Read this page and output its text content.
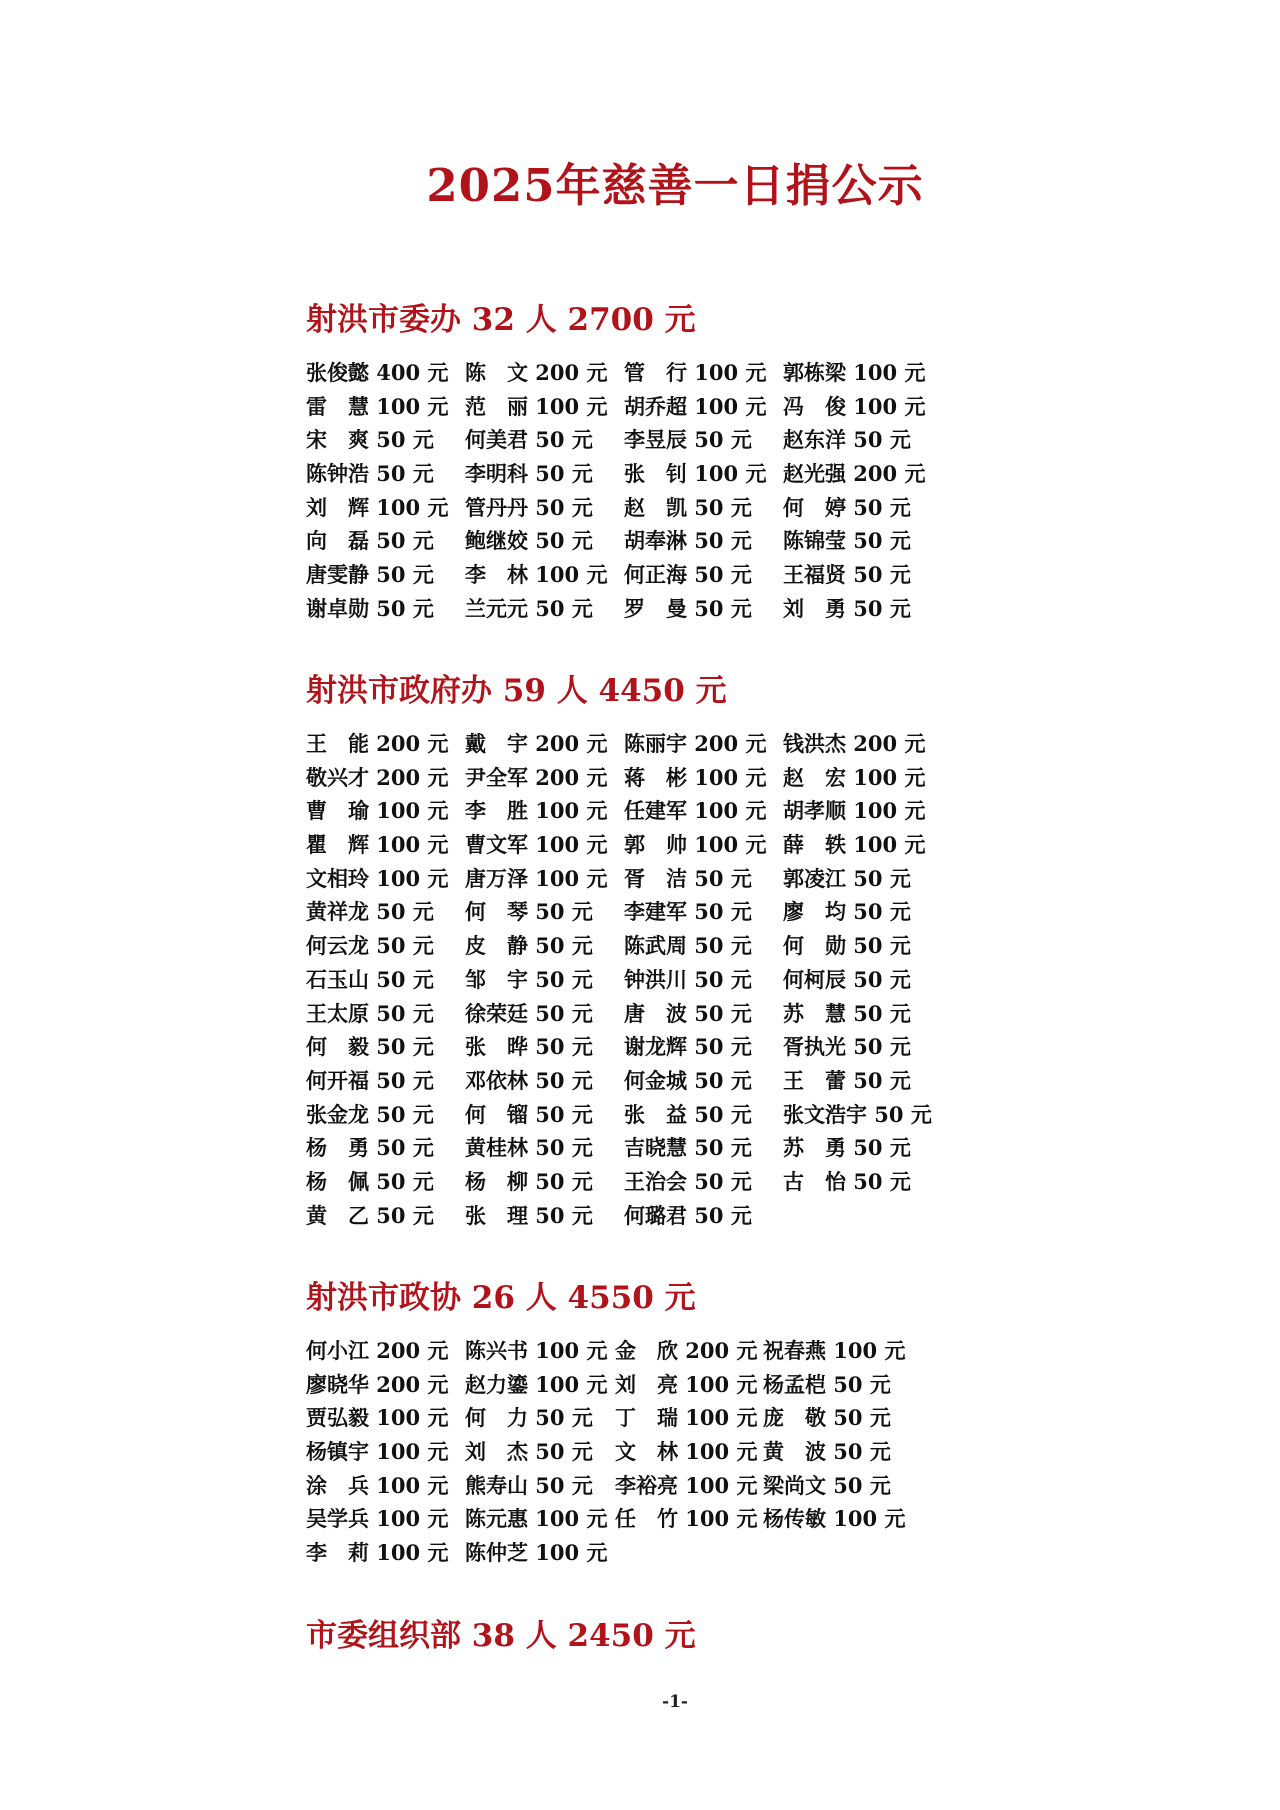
2025年慈善一日捐公示
射洪市委办 32 人 2700 元
张俊懿 400 元 陈　文 200 元 管　行 100 元 郭栋梁 100 元
雷　慧 100 元 范　丽 100 元 胡乔超 100 元 冯　俊 100 元
宋　爽 50 元	何美君 50 元	李昱辰 50 元	赵东洋 50 元
陈钟浩 50 元	李明科 50 元	张　钊 100 元 赵光强 200 元
刘　辉 100 元 管丹丹 50 元	赵　凯 50 元	何　婷 50 元
向　磊 50 元	鲍继姣 50 元	胡奉淋 50 元	陈锦莹 50 元
唐雯静 50 元	李　林 100 元 何正海 50 元	王福贤 50 元
谢卓勋 50 元	兰元元 50 元	罗　曼 50 元	刘　勇 50 元
射洪市政府办 59 人 4450 元
王　能 200 元 戴　宇 200 元 陈丽宇 200 元 钱洪杰 200 元
敬兴才 200 元 尹全军 200 元 蒋　彬 100 元 赵　宏 100 元
曹　瑜 100 元 李　胜 100 元 任建军 100 元 胡孝顺 100 元
瞿　辉 100 元 曹文军 100 元 郭　帅 100 元 薛　轶 100 元
文相玲 100 元 唐万泽 100 元 胥　洁 50 元	郭凌江 50 元
黄祥龙 50 元	何　琴 50 元	李建军 50 元	廖　均 50 元
何云龙 50 元	皮　静 50 元	陈武周 50 元	何　勋 50 元
石玉山 50 元	邹　宇 50 元	钟洪川 50 元	何柯辰 50 元
王太原 50 元	徐荣廷 50 元	唐　波 50 元	苏　慧 50 元
何　毅 50 元	张　晔 50 元	谢龙辉 50 元	胥执光 50 元
何开福 50 元	邓依林 50 元	何金城 50 元	王　蕾 50 元
张金龙 50 元	何　镏 50 元	张　益 50 元	张文浩宇 50 元
杨　勇 50 元	黄桂林 50 元	吉晓慧 50 元	苏　勇 50 元
杨　佩 50 元	杨　柳 50 元	王治会 50 元	古　怡 50 元
黄　乙 50 元	张　理 50 元	何璐君 50 元
射洪市政协 26 人 4550 元
何小江 200 元 陈兴书 100 元 金　欣 200 元 祝春燕 100 元
廖晓华 200 元 赵力鎏 100 元 刘　亮 100 元 杨孟桤 50 元
贾弘毅 100 元 何　力 50 元	丁　瑞 100 元 庞　敬 50 元
杨镇宇 100 元 刘　杰 50 元	文　林 100 元 黄　波 50 元
涂　兵 100 元 熊寿山 50 元	李裕亮 100 元 梁尚文 50 元
吴学兵 100 元 陈元惠 100 元 任　竹 100 元 杨传敏 100 元
李　莉 100 元 陈仲芝 100 元
市委组织部 38 人 2450 元
-1-
